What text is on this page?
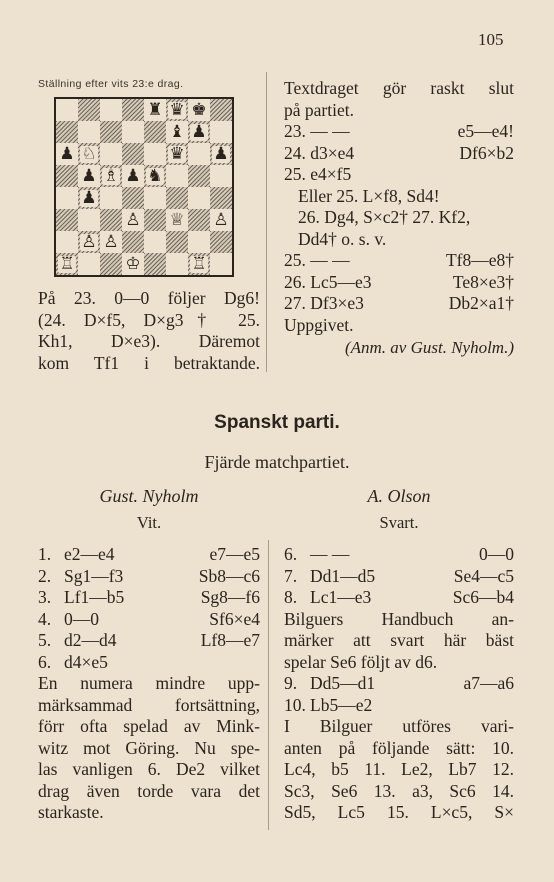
105
Ställning efter vits 23:e drag.
♜ ♛ ♚
♝ ♟
♟ ♘	♛ ♟
♟ ♗ ♟ ♞
♟
♙ ♕ ♙
♙ ♙
♖	♔	♖
På 23. 0—0 följer Dg6!
(24. D×f5, D×g3† 25.
Kh1, D×e3). Däremot
kom Tf1 i betraktande.
Textdraget gör raskt slut
på partiet.
23. — —	e5—e4!
24. d3×e4	Df6×b2
25. e4×f5
Eller 25. L×f8, Sd4!
26. Dg4, S×c2† 27. Kf2,
Dd4† o. s. v.
25. — —	Tf8—e8†
26. Lc5—e3	Te8×e3†
27. Df3×e3	Db2×a1†
Uppgivet.
(Anm. av Gust. Nyholm.)
Spanskt parti.
Fjärde matchpartiet.
Gust. Nyholm
Vit.
A. Olson
Svart.
1. e2—e4	e7—e5
2. Sg1—f3	Sb8—c6
3. Lf1—b5	Sg8—f6
4. 0—0	Sf6×e4
5. d2—d4	Lf8—e7
6. d4×e5
En numera mindre upp-
märksammad fortsättning,
förr ofta spelad av Mink-
witz mot Göring. Nu spe-
las vanligen 6. De2 vilket
drag även torde vara det
starkaste.
6. — —	0—0
7. Dd1—d5	Se4—c5
8. Lc1—e3	Sc6—b4
Bilguers Handbuch an-
märker att svart här bäst
spelar Se6 följt av d6.
9. Dd5—d1	a7—a6
10. Lb5—e2
I Bilguer utföres vari-
anten på följande sätt: 10.
Lc4, b5 11. Le2, Lb7 12.
Sc3, Se6 13. a3, Sc6 14.
Sd5, Lc5 15. L×c5, S×
